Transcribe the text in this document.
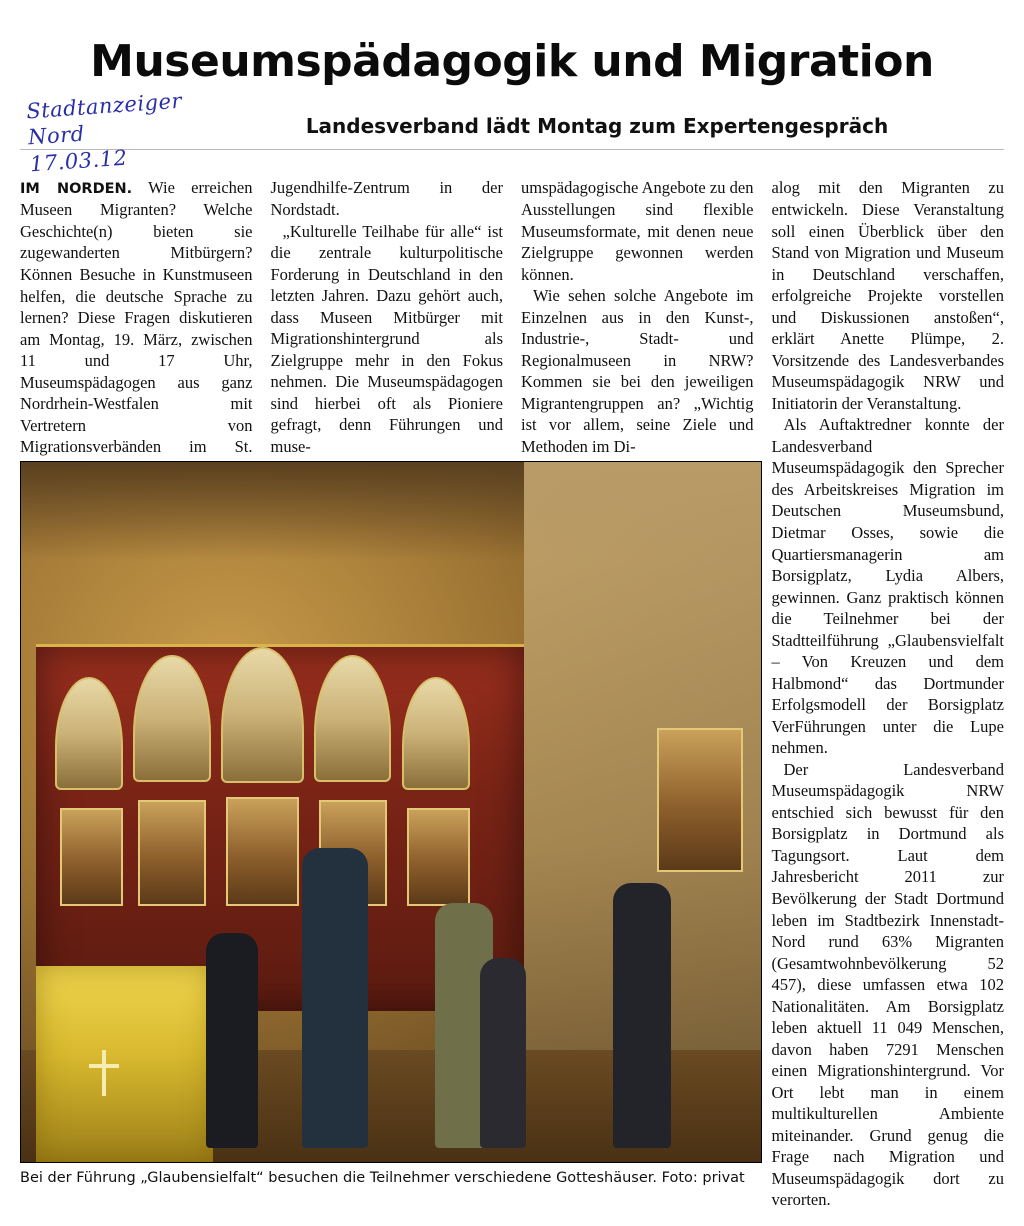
Museumspädagogik und Migration
Landesverband lädt Montag zum Expertengespräch
Stadtanzeiger
Nord
17.03.12

IM NORDEN. Wie erreichen Museen Migranten? Welche Geschichte(n) bieten sie zugewanderten Mitbürgern? Können Besuche in Kunstmuseen helfen, die deutsche Sprache zu lernen? Diese Fragen diskutieren am Montag, 19. März, zwischen 11 und 17 Uhr, Museumspädagogen aus ganz Nordrhein-Westfalen mit Vertretern von Migrationsverbänden im St.

Jugendhilfe-Zentrum in der Nordstadt.

„Kulturelle Teilhabe für alle“ ist die zentrale kulturpolitische Forderung in Deutschland in den letzten Jahren. Dazu gehört auch, dass Museen Mitbürger mit Migrationshintergrund als Zielgruppe mehr in den Fokus nehmen. Die Museumspädagogen sind hierbei oft als Pioniere gefragt, denn Führungen und muse-

umspädagogische Angebote zu den Ausstellungen sind flexible Museumsformate, mit denen neue Zielgruppe gewonnen werden können.

Wie sehen solche Angebote im Einzelnen aus in den Kunst-, Industrie-, Stadt- und Regionalmuseen in NRW? Kommen sie bei den jeweiligen Migrantengruppen an? „Wichtig ist vor allem, seine Ziele und Methoden im Di-

alog mit den Migranten zu entwickeln. Diese Veranstaltung soll einen Überblick über den Stand von Migration und Museum in Deutschland verschaffen, erfolgreiche Projekte vorstellen und Diskussionen anstoßen“, erklärt Anette Plümpe, 2. Vorsitzende des Landesverbandes Museumspädagogik NRW und Initiatorin der Veranstaltung.

Als Auftaktredner konnte der Landesverband Museumspädagogik den Sprecher des Arbeitskreises Migration im Deutschen Museumsbund, Dietmar Osses, sowie die Quartiersmanagerin am Borsigplatz, Lydia Albers, gewinnen. Ganz praktisch können die Teilnehmer bei der Stadtteilführung „Glaubensvielfalt – Von Kreuzen und dem Halbmond“ das Dortmunder Erfolgsmodell der Borsigplatz VerFührungen unter die Lupe nehmen.

Der Landesverband Museumspädagogik NRW entschied sich bewusst für den Borsigplatz in Dortmund als Tagungsort. Laut dem Jahresbericht 2011 zur Bevölkerung der Stadt Dortmund leben im Stadtbezirk Innenstadt-Nord rund 63% Migranten (Gesamtwohnbevölkerung 52 457), diese umfassen etwa 102 Nationalitäten. Am Borsigplatz leben aktuell 11 049 Menschen, davon haben 7291 Menschen einen Migrationshintergrund. Vor Ort lebt man in einem multikulturellen Ambiente miteinander. Grund genug die Frage nach Migration und Museumspädagogik dort zu verorten.

Bei der Führung „Glaubensielfalt“ besuchen die Teilnehmer verschiedene Gotteshäuser. Foto: privat
